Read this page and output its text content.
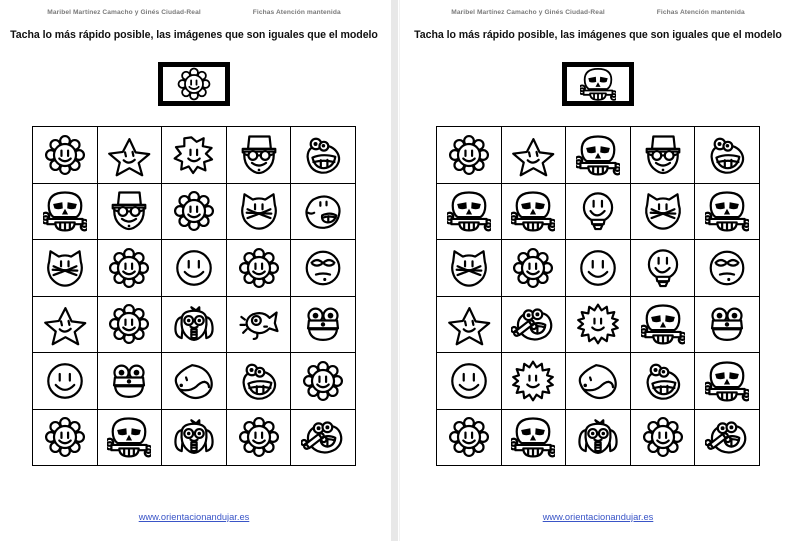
Maribel Martínez Camacho y Ginés Ciudad-Real	Fichas Atención mantenida
Tacha lo más rápido posible, las imágenes que son iguales que el modelo
www.orientacionandujar.es
Maribel Martínez Camacho y Ginés Ciudad-Real	Fichas Atención mantenida
Tacha lo más rápido posible, las imágenes que son iguales que el modelo
www.orientacionandujar.es
